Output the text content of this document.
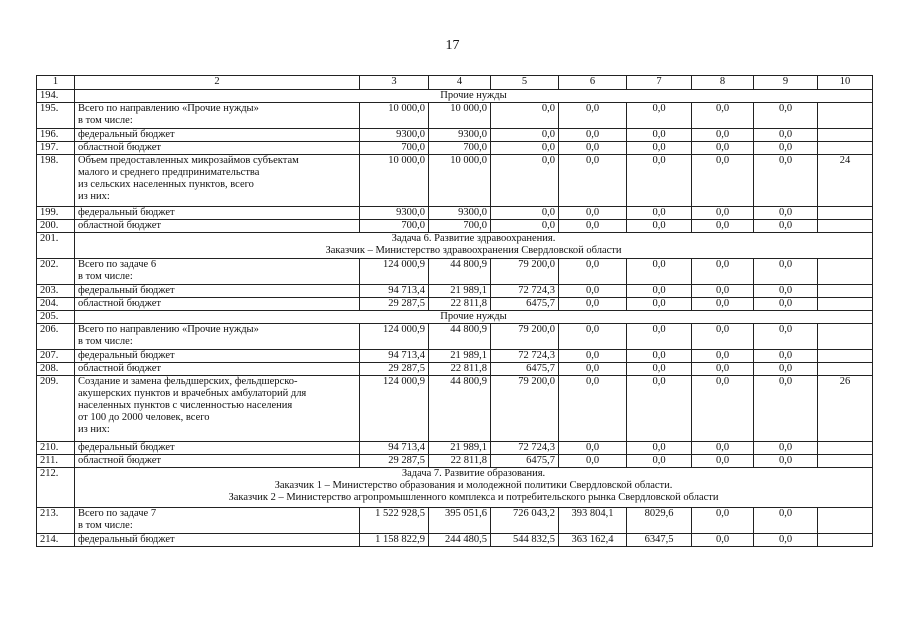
17
1	2	3	4	5	6	7	8	9	10
194.	Прочие нужды								
195.	Всего по направлению «Прочие нужды»
в том числе:	10 000,0	10 000,0	0,0	0,0	0,0	0,0	0,0	
196.	федеральный бюджет	9300,0	9300,0	0,0	0,0	0,0	0,0	0,0	
197.	областной бюджет	700,0	700,0	0,0	0,0	0,0	0,0	0,0	
198.	Объем предоставленных микрозаймов субъектам
малого и среднего предпринимательства
из сельских населенных пунктов, всего
из них:	10 000,0	10 000,0	0,0	0,0	0,0	0,0	0,0	24
199.	федеральный бюджет	9300,0	9300,0	0,0	0,0	0,0	0,0	0,0	
200.	областной бюджет	700,0	700,0	0,0	0,0	0,0	0,0	0,0	
201.	Задача 6. Развитие здравоохранения.
Заказчик – Министерство здравоохранения Свердловской области								
202.	Всего по задаче 6
в том числе:	124 000,9	44 800,9	79 200,0	0,0	0,0	0,0	0,0	
203.	федеральный бюджет	94 713,4	21 989,1	72 724,3	0,0	0,0	0,0	0,0	
204.	областной бюджет	29 287,5	22 811,8	6475,7	0,0	0,0	0,0	0,0	
205.	Прочие нужды								
206.	Всего по направлению «Прочие нужды»
в том числе:	124 000,9	44 800,9	79 200,0	0,0	0,0	0,0	0,0	
207.	федеральный бюджет	94 713,4	21 989,1	72 724,3	0,0	0,0	0,0	0,0	
208.	областной бюджет	29 287,5	22 811,8	6475,7	0,0	0,0	0,0	0,0	
209.	Создание и замена фельдшерских, фельдшерско-
акушерских пунктов и врачебных амбулаторий для
населенных пунктов с численностью населения
от 100 до 2000 человек, всего
из них:	124 000,9	44 800,9	79 200,0	0,0	0,0	0,0	0,0	26
210.	федеральный бюджет	94 713,4	21 989,1	72 724,3	0,0	0,0	0,0	0,0	
211.	областной бюджет	29 287,5	22 811,8	6475,7	0,0	0,0	0,0	0,0	
212.	Задача 7. Развитие образования.
Заказчик 1 – Министерство образования и молодежной политики Свердловской области.
Заказчик 2 – Министерство агропромышленного комплекса и потребительского рынка Свердловской области								
213.	Всего по задаче 7
в том числе:	1 522 928,5	395 051,6	726 043,2	393 804,1	8029,6	0,0	0,0	
214.	федеральный бюджет	1 158 822,9	244 480,5	544 832,5	363 162,4	6347,5	0,0	0,0	
